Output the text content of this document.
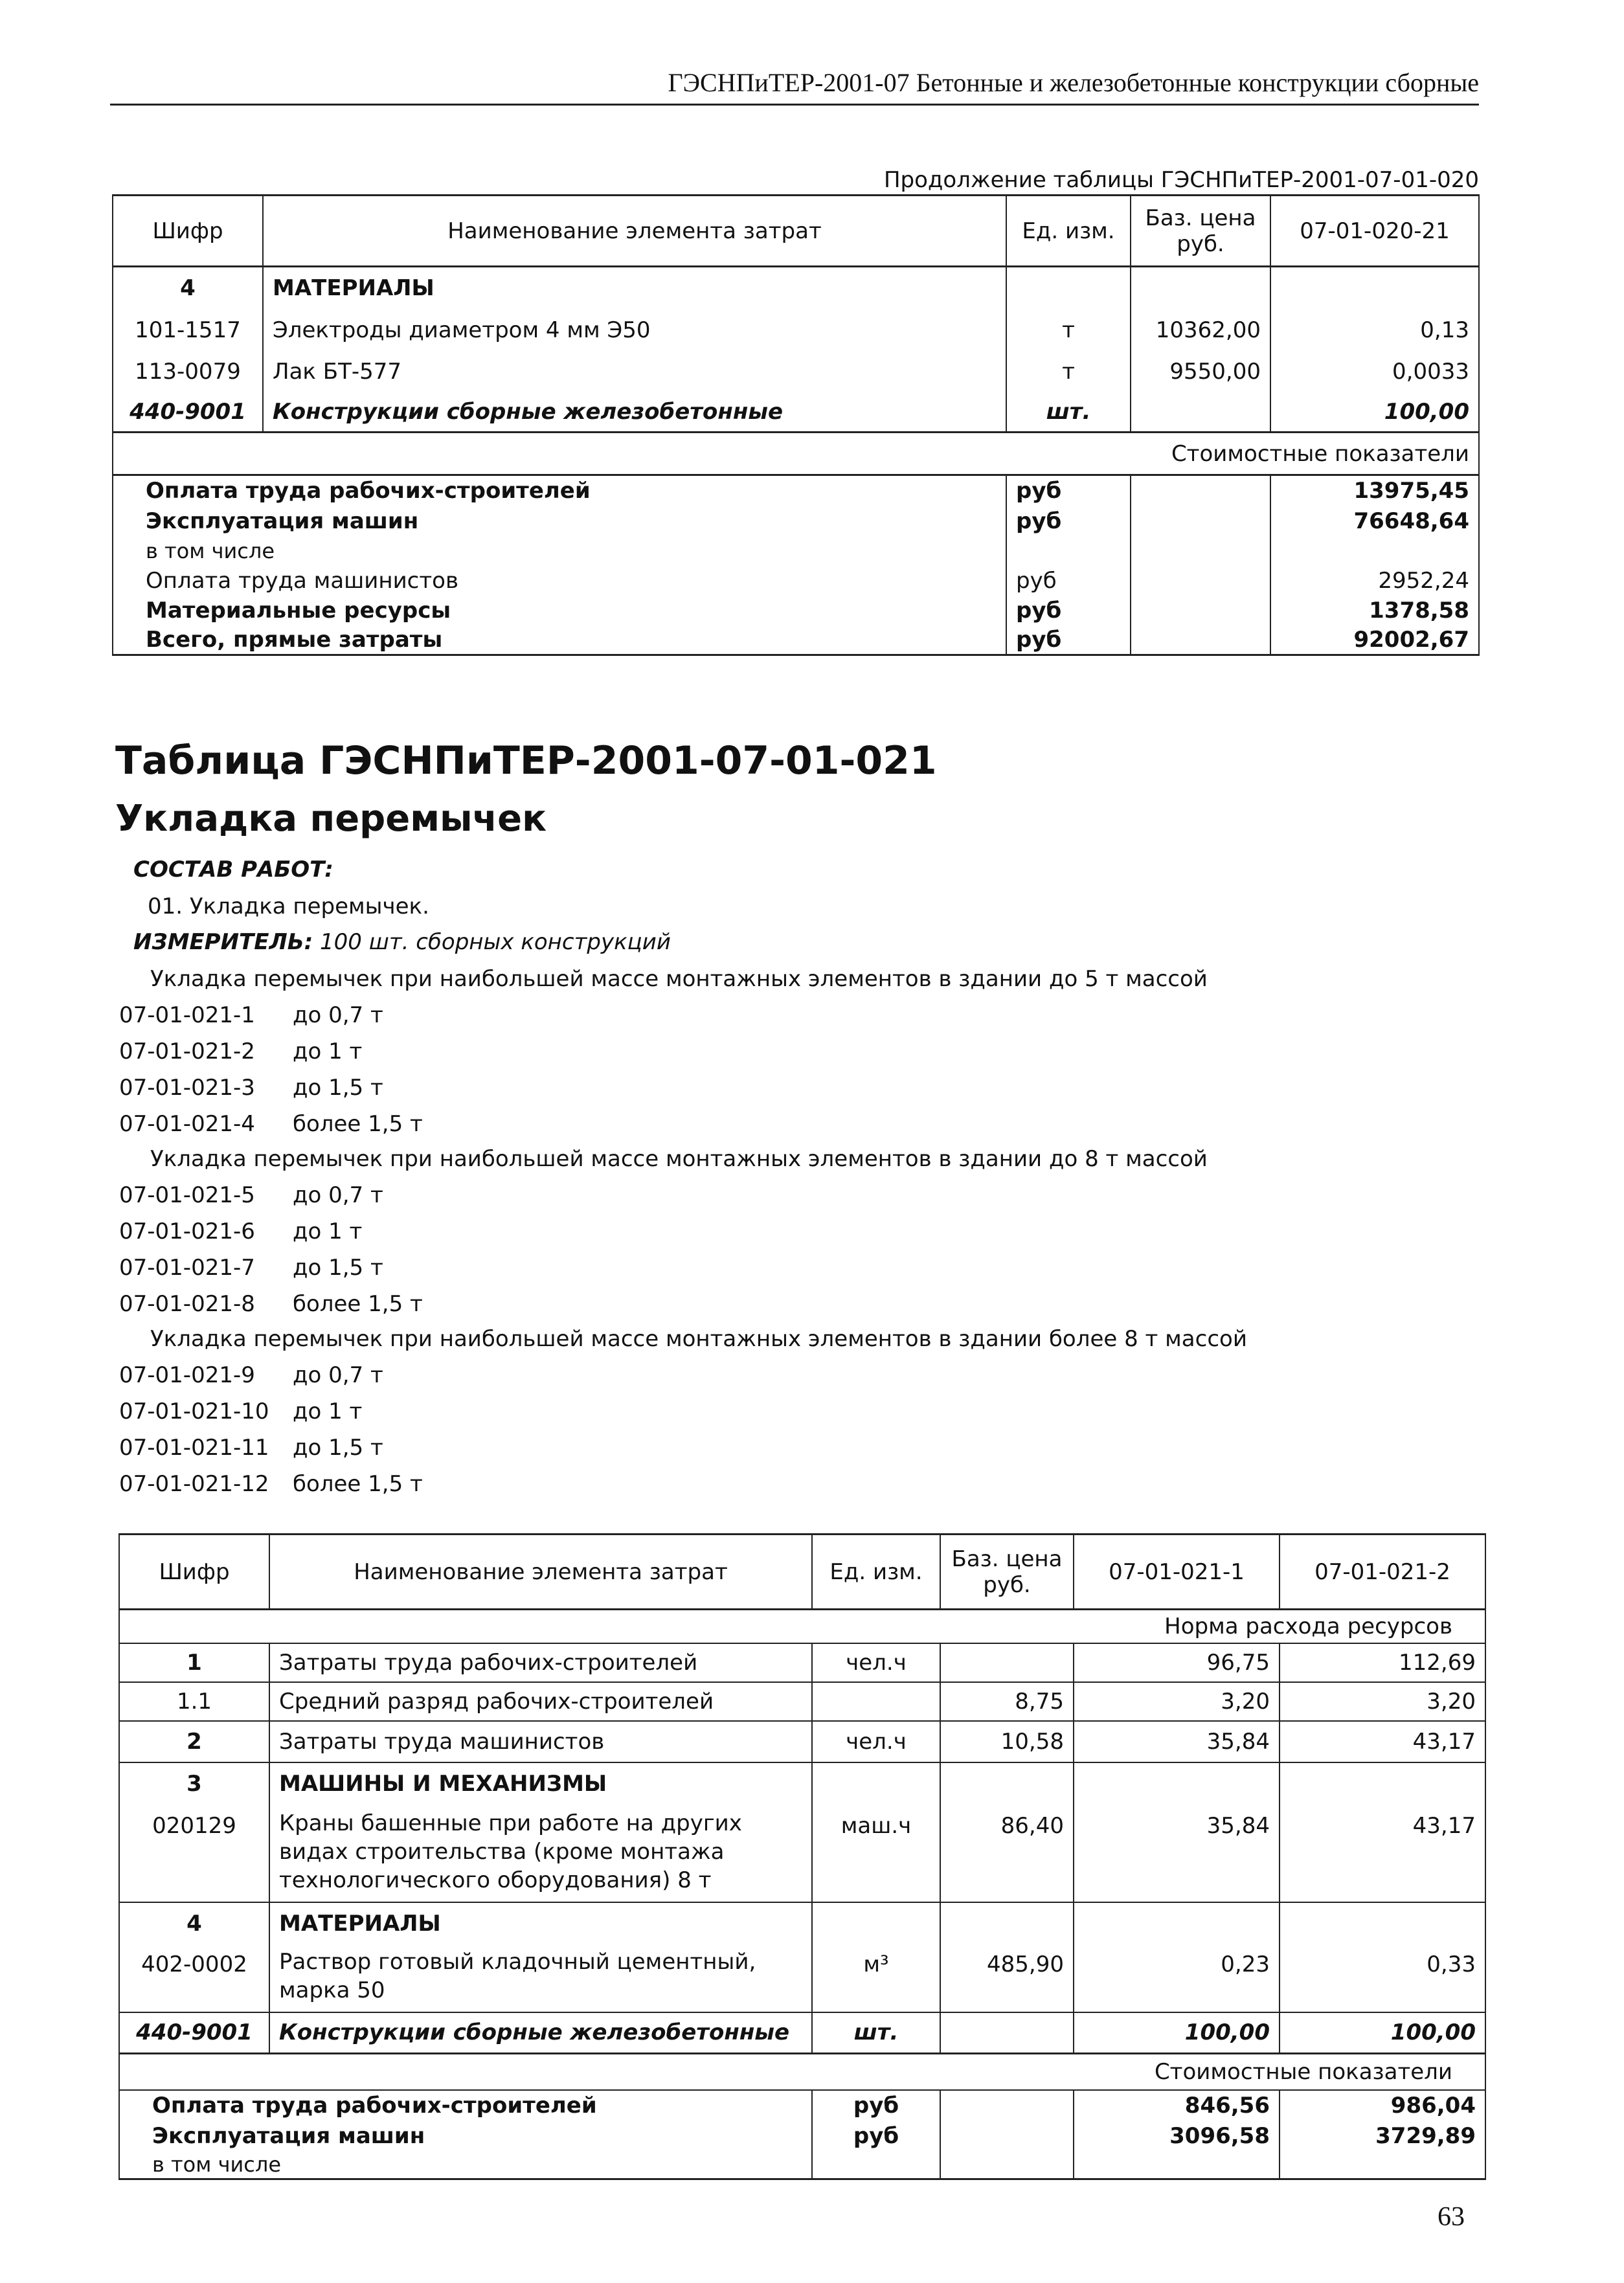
ГЭСНПиТЕР-2001-07 Бетонные и железобетонные конструкции сборные
Продолжение таблицы ГЭСНПиТЕР-2001-07-01-020
Шифр	Наименование элемента затрат	Ед. изм.	Баз. цена руб.	07-01-020-21
4	МАТЕРИАЛЫ			
101-1517	Электроды диаметром 4 мм Э50	т	10362,00	0,13
113-0079	Лак БТ-577	т	9550,00	0,0033
440-9001	Конструкции сборные железобетонные	шт.		100,00
Стоимостные показатели				
Оплата труда рабочих-строителей		руб		13975,45
Эксплуатация машин		руб		76648,64
в том числе				
Оплата труда машинистов		руб		2952,24
Материальные ресурсы		руб		1378,58
Всего, прямые затраты		руб		92002,67
Таблица ГЭСНПиТЕР-2001-07-01-021
Укладка перемычек
СОСТАВ РАБОТ:
01. Укладка перемычек.
ИЗМЕРИТЕЛЬ: 100 шт. сборных конструкций
Укладка перемычек при наибольшей массе монтажных элементов в здании до 5 т массой
07-01-021-1 до 0,7 т
07-01-021-2 до 1 т
07-01-021-3 до 1,5 т
07-01-021-4 более 1,5 т
Укладка перемычек при наибольшей массе монтажных элементов в здании до 8 т массой
07-01-021-5 до 0,7 т
07-01-021-6 до 1 т
07-01-021-7 до 1,5 т
07-01-021-8 более 1,5 т
Укладка перемычек при наибольшей массе монтажных элементов в здании более 8 т массой
07-01-021-9 до 0,7 т
07-01-021-10 до 1 т
07-01-021-11 до 1,5 т
07-01-021-12 более 1,5 т
Шифр	Наименование элемента затрат	Ед. изм.	Баз. цена руб.	07-01-021-1	07-01-021-2
Норма расхода ресурсов					
1	Затраты труда рабочих-строителей	чел.ч		96,75	112,69
1.1	Средний разряд рабочих-строителей		8,75	3,20	3,20
2	Затраты труда машинистов	чел.ч	10,58	35,84	43,17
3	МАШИНЫ И МЕХАНИЗМЫ				
020129	Краны башенные при работе на других видах строительства (кроме монтажа технологического оборудования) 8 т	маш.ч	86,40	35,84	43,17
4	МАТЕРИАЛЫ				
402-0002	Раствор готовый кладочный цементный, марка 50	м³	485,90	0,23	0,33
440-9001	Конструкции сборные железобетонные	шт.		100,00	100,00
Стоимостные показатели					
Оплата труда рабочих-строителей		руб		846,56	986,04
Эксплуатация машин		руб		3096,58	3729,89
в том числе					
63
